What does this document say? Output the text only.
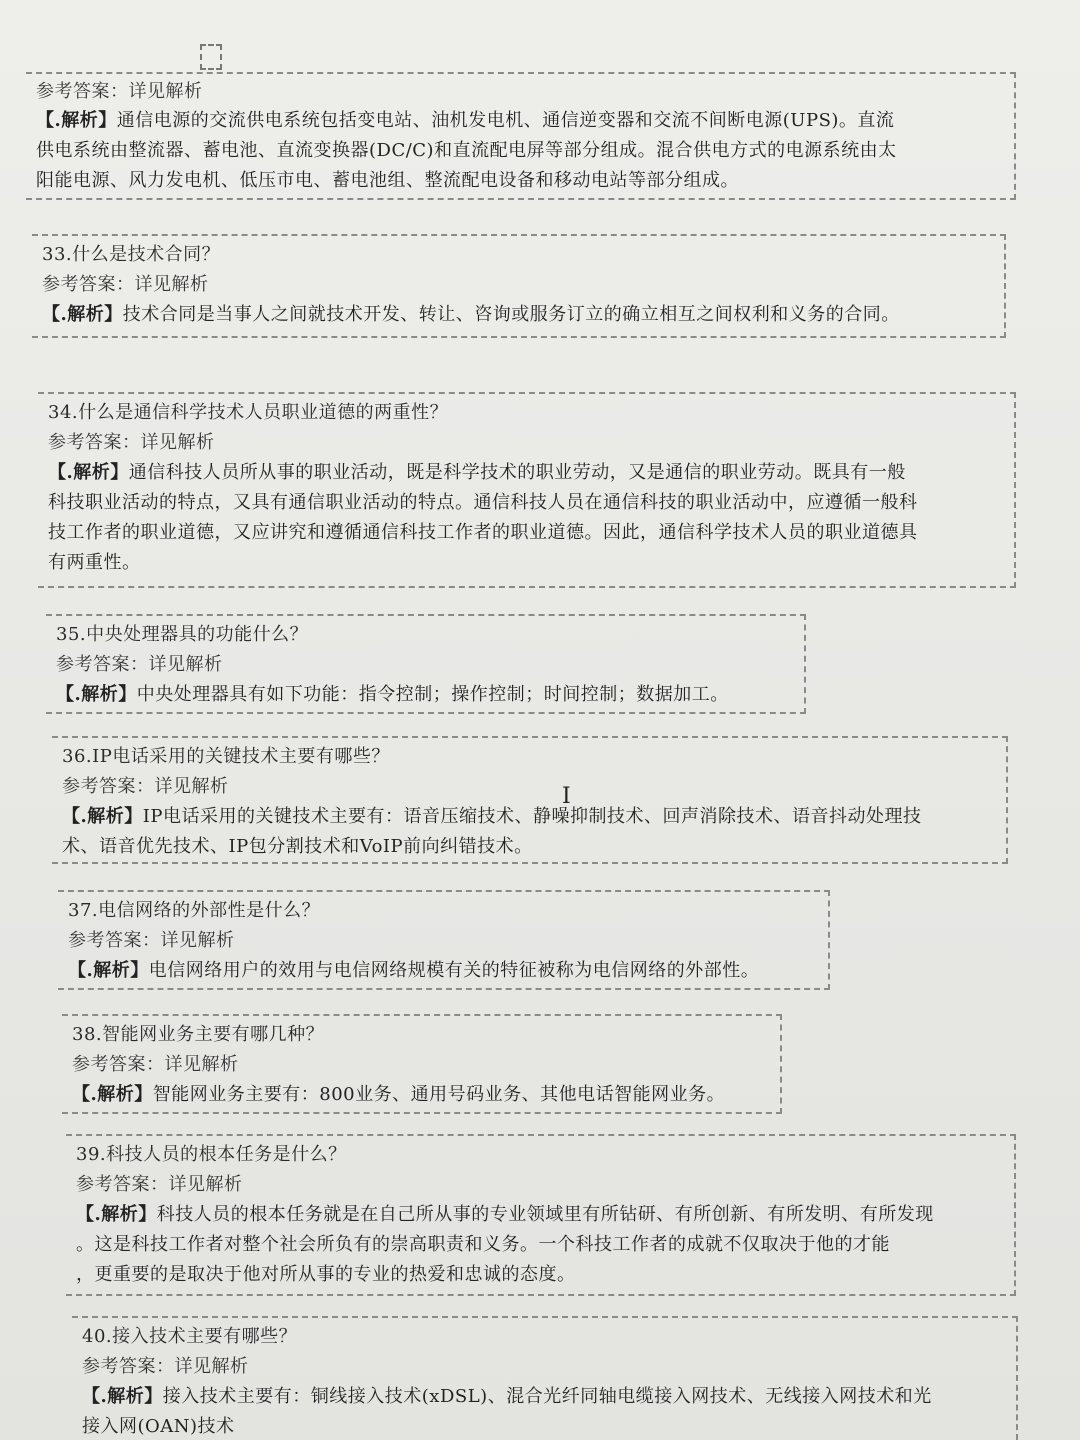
参考答案：详见解析
【.解析】通信电源的交流供电系统包括变电站、油机发电机、通信逆变器和交流不间断电源(UPS)。直流
供电系统由整流器、蓄电池、直流变换器(DC/C)和直流配电屏等部分组成。混合供电方式的电源系统由太
阳能电源、风力发电机、低压市电、蓄电池组、整流配电设备和移动电站等部分组成。
33.什么是技术合同？
参考答案：详见解析
【.解析】技术合同是当事人之间就技术开发、转让、咨询或服务订立的确立相互之间权利和义务的合同。
34.什么是通信科学技术人员职业道德的两重性？
参考答案：详见解析
【.解析】通信科技人员所从事的职业活动，既是科学技术的职业劳动，又是通信的职业劳动。既具有一般
科技职业活动的特点，又具有通信职业活动的特点。通信科技人员在通信科技的职业活动中，应遵循一般科
技工作者的职业道德，又应讲究和遵循通信科技工作者的职业道德。因此，通信科学技术人员的职业道德具
有两重性。
35.中央处理器具的功能什么？
参考答案：详见解析
【.解析】中央处理器具有如下功能：指令控制；操作控制；时间控制；数据加工。
36.IP电话采用的关键技术主要有哪些？
参考答案：详见解析
【.解析】IP电话采用的关键技术主要有：语音压缩技术、静噪抑制技术、回声消除技术、语音抖动处理技
术、语音优先技术、IP包分割技术和VoIP前向纠错技术。
37.电信网络的外部性是什么？
参考答案：详见解析
【.解析】电信网络用户的效用与电信网络规模有关的特征被称为电信网络的外部性。
38.智能网业务主要有哪几种？
参考答案：详见解析
【.解析】智能网业务主要有：800业务、通用号码业务、其他电话智能网业务。
39.科技人员的根本任务是什么？
参考答案：详见解析
【.解析】科技人员的根本任务就是在自己所从事的专业领域里有所钻研、有所创新、有所发明、有所发现
。这是科技工作者对整个社会所负有的崇高职责和义务。一个科技工作者的成就不仅取决于他的才能
，更重要的是取决于他对所从事的专业的热爱和忠诚的态度。
40.接入技术主要有哪些？
参考答案：详见解析
【.解析】接入技术主要有：铜线接入技术(xDSL)、混合光纤同轴电缆接入网技术、无线接入网技术和光
接入网(OAN)技术
I
